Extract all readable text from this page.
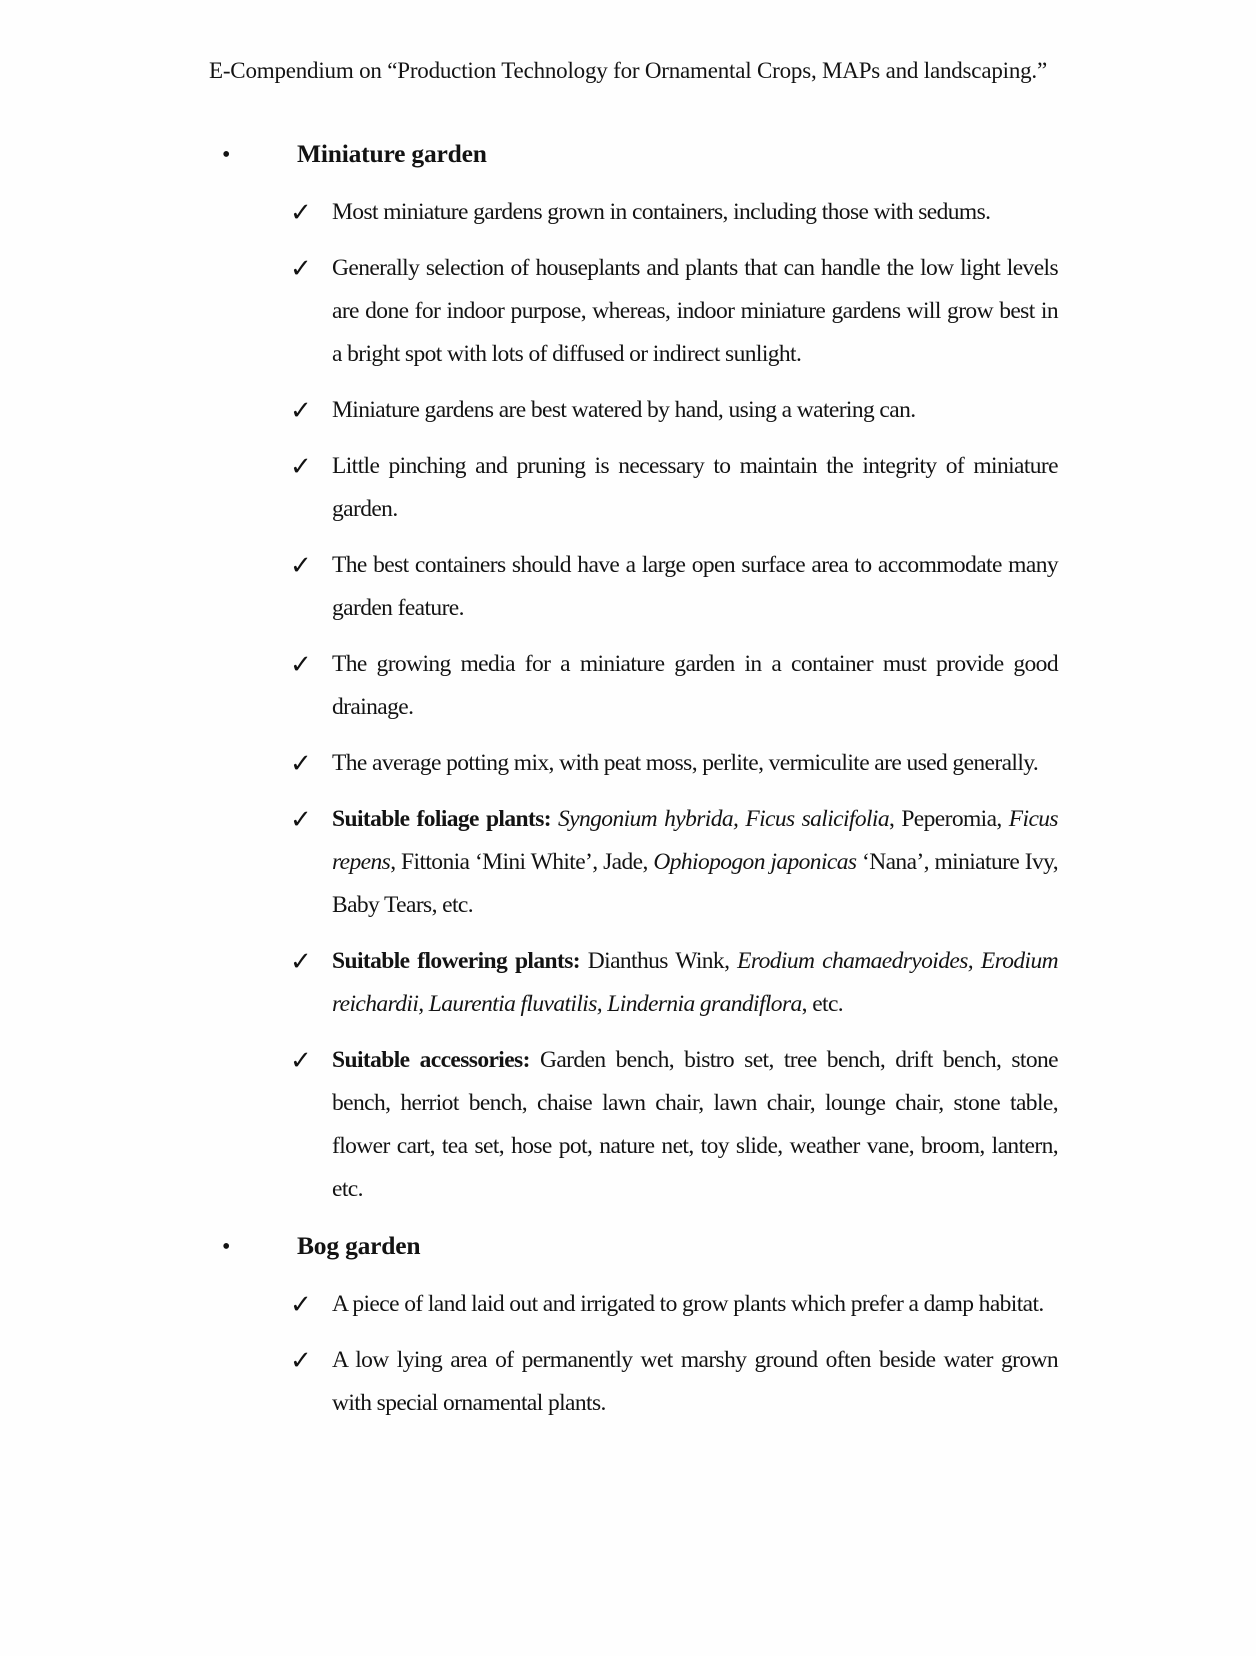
E-Compendium on “Production Technology for Ornamental Crops, MAPs and landscaping.”
•	Miniature garden
✓ Most miniature gardens grown in containers, including those with sedums.

✓ Generally selection of houseplants and plants that can handle the low light levels are done for indoor purpose, whereas, indoor miniature gardens will grow best in a bright spot with lots of diffused or indirect sunlight.

✓ Miniature gardens are best watered by hand, using a watering can.

✓ Little pinching and pruning is necessary to maintain the integrity of miniature garden.

✓ The best containers should have a large open surface area to accommodate many garden feature.

✓ The growing media for a miniature garden in a container must provide good drainage.

✓ The average potting mix, with peat moss, perlite, vermiculite are used generally.

✓ Suitable foliage plants: Syngonium hybrida, Ficus salicifolia, Peperomia, Ficus repens, Fittonia ‘Mini White’, Jade, Ophiopogon japonicas ‘Nana’, miniature Ivy, Baby Tears, etc.

✓ Suitable flowering plants: Dianthus Wink, Erodium chamaedryoides, Erodium reichardii, Laurentia fluvatilis, Lindernia grandiflora, etc.

✓ Suitable accessories: Garden bench, bistro set, tree bench, drift bench, stone bench, herriot bench, chaise lawn chair, lawn chair, lounge chair, stone table, flower cart, tea set, hose pot, nature net, toy slide, weather vane, broom, lantern, etc.

•	Bog garden
✓ A piece of land laid out and irrigated to grow plants which prefer a damp habitat.

✓ A low lying area of permanently wet marshy ground often beside water grown with special ornamental plants.
